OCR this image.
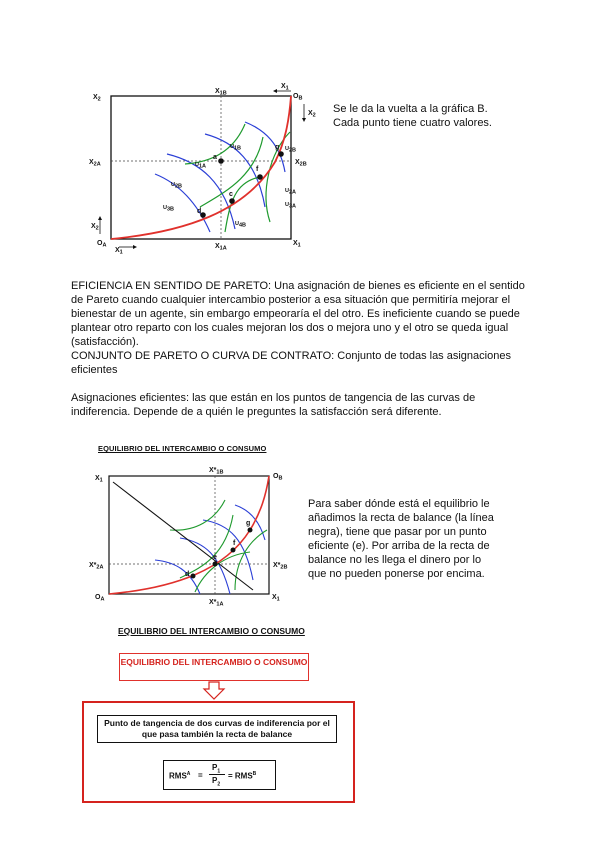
$X_2$
$X_{1B}$
$X_1$
$O_B$
$X_2$
$X_{2A}$	$X_{2B}$
$X_2$
$O_A$
$X_1$
$X_{1A}$
$X_1$
a
c
d
f
g
U1B
U1A
U2B
U2B
U2A
U3B
U3A
U4B
Se le da la vuelta a la gráfica B.
Cada punto tiene cuatro valores.

EFICIENCIA EN SENTIDO DE PARETO: Una asignación de bienes es eficiente en el sentido de Pareto cuando cualquier intercambio posterior a esa situación que permitiría mejorar el bienestar de un agente, sin embargo empeoraría el del otro. Es ineficiente cuando se puede plantear otro reparto con los cuales mejoran los dos o mejora uno y el otro se queda igual (satisfacción).

CONJUNTO DE PARETO O CURVA DE CONTRATO: Conjunto de todas las asignaciones eficientes

Asignaciones eficientes: las que están en los puntos de tangencia de las curvas de indiferencia. Depende de a quién le preguntes la satisfacción será diferente.

EQUILIBRIO DEL INTERCAMBIO O CONSUMO
$X_1$
$X*_{1B}$
$O_B$
$X*_{2A}$	$X*_{2B}$
$O_A$	$X*_{1A}$
$X_1$
d
e
f
g
Para saber dónde está el equilibrio le añadimos la recta de balance (la línea negra), tiene que pasar por un punto eficiente (e). Por arriba de la recta de balance no les llega el dinero por lo que no pueden ponerse por encima.
EQUILIBRIO DEL INTERCAMBIO O CONSUMO
EQUILIBRIO DEL INTERCAMBIO O CONSUMO
Punto de tangencia de dos curvas de indiferencia por el que pasa también la recta de balance
$RMS^A$ =
$P_1$
$P_2$
= $RMS^B$
